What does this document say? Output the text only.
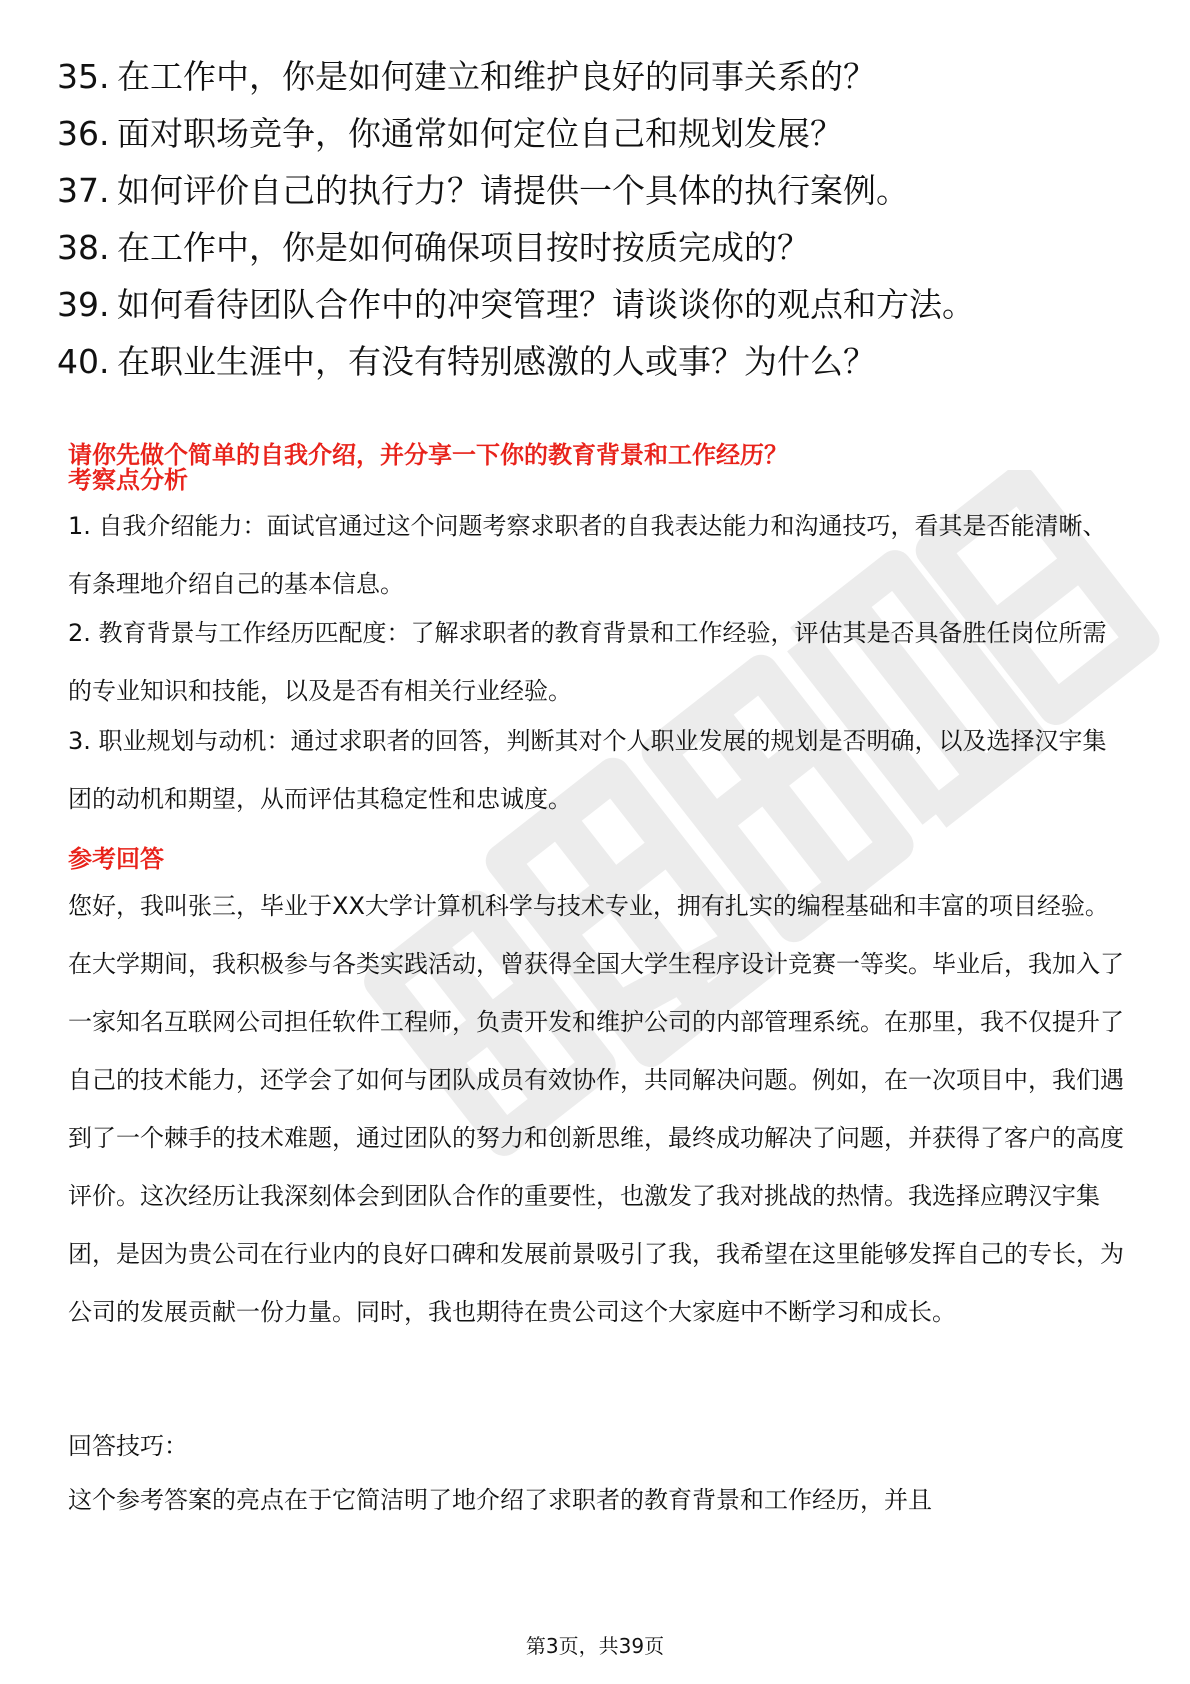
35. 在工作中，你是如何建立和维护良好的同事关系的？
36. 面对职场竞争，你通常如何定位自己和规划发展？
37. 如何评价自己的执行力？请提供一个具体的执行案例。
38. 在工作中，你是如何确保项目按时按质完成的？
39. 如何看待团队合作中的冲突管理？请谈谈你的观点和方法。
40. 在职业生涯中，有没有特别感激的人或事？为什么？
请你先做个简单的自我介绍，并分享一下你的教育背景和工作经历？
考察点分析

1. 自我介绍能力：面试官通过这个问题考察求职者的自我表达能力和沟通技巧，看其是否能清晰、有条理地介绍自己的基本信息。

2. 教育背景与工作经历匹配度：了解求职者的教育背景和工作经验，评估其是否具备胜任岗位所需的专业知识和技能，以及是否有相关行业经验。

3. 职业规划与动机：通过求职者的回答，判断其对个人职业发展的规划是否明确，以及选择汉宇集团的动机和期望，从而评估其稳定性和忠诚度。

参考回答

您好，我叫张三，毕业于XX大学计算机科学与技术专业，拥有扎实的编程基础和丰富的项目经验。在大学期间，我积极参与各类实践活动，曾获得全国大学生程序设计竞赛一等奖。毕业后，我加入了一家知名互联网公司担任软件工程师，负责开发和维护公司的内部管理系统。在那里，我不仅提升了自己的技术能力，还学会了如何与团队成员有效协作，共同解决问题。例如，在一次项目中，我们遇到了一个棘手的技术难题，通过团队的努力和创新思维，最终成功解决了问题，并获得了客户的高度评价。这次经历让我深刻体会到团队合作的重要性，也激发了我对挑战的热情。我选择应聘汉宇集团，是因为贵公司在行业内的良好口碑和发展前景吸引了我，我希望在这里能够发挥自己的专长，为公司的发展贡献一份力量。同时，我也期待在贵公司这个大家庭中不断学习和成长。

回答技巧：

这个参考答案的亮点在于它简洁明了地介绍了求职者的教育背景和工作经历，并且

第3页，共39页
